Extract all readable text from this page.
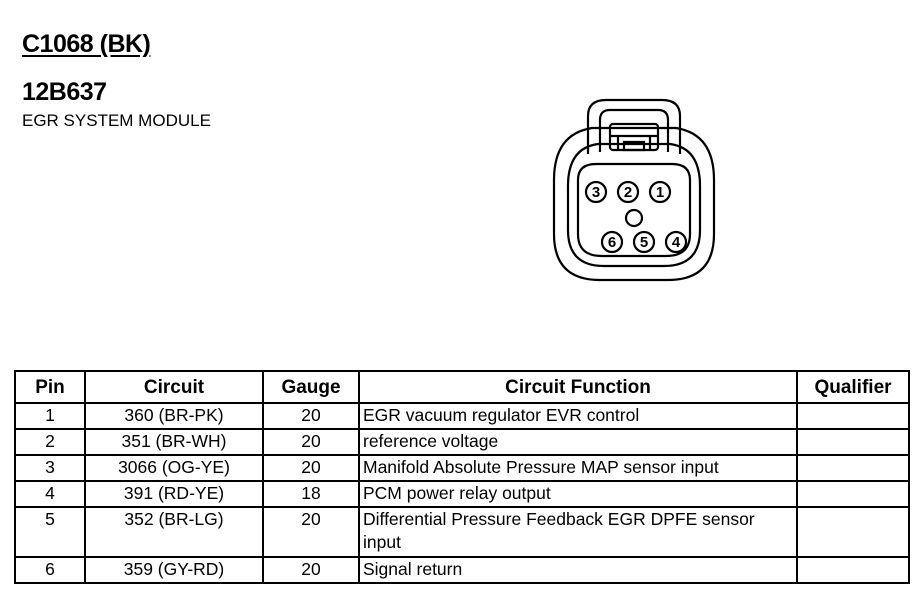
C1068 (BK)
12B637
EGR SYSTEM MODULE
3 2 1
6 5 4
Pin	Circuit	Gauge	Circuit Function	Qualifier
1	360 (BR-PK)	20	EGR vacuum regulator EVR control	
2	351 (BR-WH)	20	reference voltage	
3	3066 (OG-YE)	20	Manifold Absolute Pressure MAP sensor input	
4	391 (RD-YE)	18	PCM power relay output	
5	352 (BR-LG)	20	Differential Pressure Feedback EGR DPFE sensor input	
6	359 (GY-RD)	20	Signal return	
